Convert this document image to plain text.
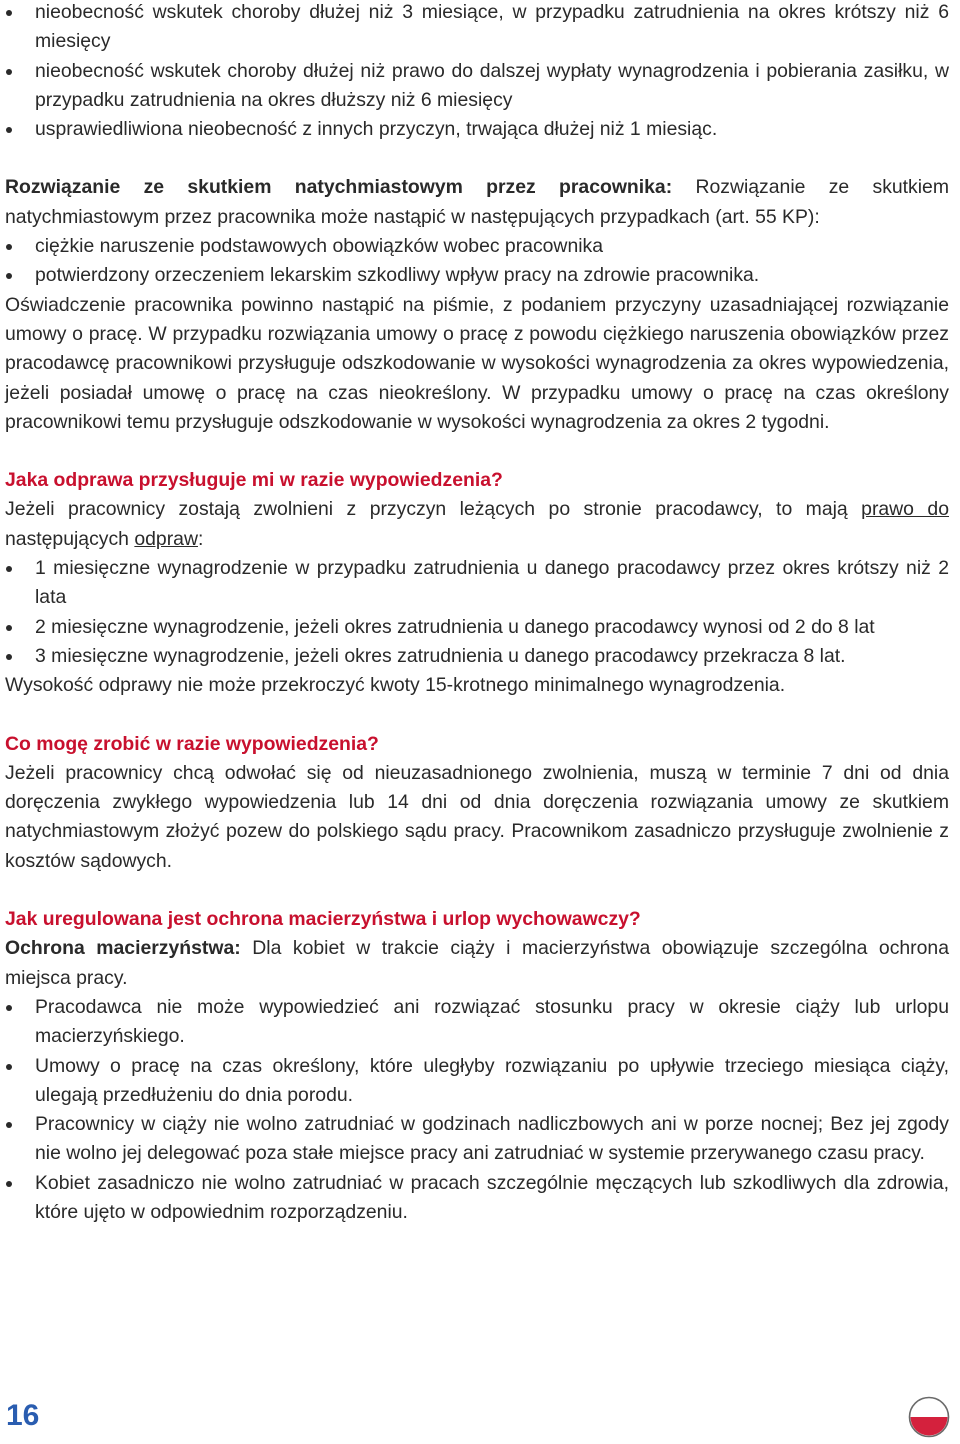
nieobecność wskutek choroby dłużej niż 3 miesiące, w przypadku zatrudnienia na okres krótszy niż 6 miesięcy
nieobecność wskutek choroby dłużej niż prawo do dalszej wypłaty wynagrodzenia i pobierania zasiłku, w przypadku zatrudnienia na okres dłuższy niż 6 miesięcy
usprawiedliwiona nieobecność z innych przyczyn, trwająca dłużej niż 1 miesiąc.

Rozwiązanie ze skutkiem natychmiastowym przez pracownika: Rozwiązanie ze skutkiem natychmiastowym przez pracownika może nastąpić w następujących przypadkach (art. 55 KP):

ciężkie naruszenie podstawowych obowiązków wobec pracownika
potwierdzony orzeczeniem lekarskim szkodliwy wpływ pracy na zdrowie pracownika.

Oświadczenie pracownika powinno nastąpić na piśmie, z podaniem przyczyny uzasadniającej rozwiązanie umowy o pracę. W przypadku rozwiązania umowy o pracę z powodu ciężkiego naruszenia obowiązków przez pracodawcę pracownikowi przysługuje odszkodowanie w wysokości wynagrodzenia za okres wypowiedzenia, jeżeli posiadał umowę o pracę na czas nieokreślony. W przypadku umowy o pracę na czas określony pracownikowi temu przysługuje odszkodowanie w wysokości wynagrodzenia za okres 2 tygodni.

Jaka odprawa przysługuje mi w razie wypowiedzenia?

Jeżeli pracownicy zostają zwolnieni z przyczyn leżących po stronie pracodawcy, to mają prawo do następujących odpraw:

1 miesięczne wynagrodzenie w przypadku zatrudnienia u danego pracodawcy przez okres krótszy niż 2 lata
2 miesięczne wynagrodzenie, jeżeli okres zatrudnienia u danego pracodawcy wynosi od 2 do 8 lat
3 miesięczne wynagrodzenie, jeżeli okres zatrudnienia u danego pracodawcy przekracza 8 lat.

Wysokość odprawy nie może przekroczyć kwoty 15-krotnego minimalnego wynagrodzenia.

Co mogę zrobić w razie wypowiedzenia?

Jeżeli pracownicy chcą odwołać się od nieuzasadnionego zwolnienia, muszą w terminie 7 dni od dnia doręczenia zwykłego wypowiedzenia lub 14 dni od dnia doręczenia rozwiązania umowy ze skutkiem natychmiastowym złożyć pozew do polskiego sądu pracy. Pracownikom zasadniczo przysługuje zwolnienie z kosztów sądowych.

Jak uregulowana jest ochrona macierzyństwa i urlop wychowawczy?

Ochrona macierzyństwa: Dla kobiet w trakcie ciąży i macierzyństwa obowiązuje szczególna ochrona miejsca pracy.

Pracodawca nie może wypowiedzieć ani rozwiązać stosunku pracy w okresie ciąży lub urlopu macierzyńskiego.
Umowy o pracę na czas określony, które uległyby rozwiązaniu po upływie trzeciego miesiąca ciąży, ulegają przedłużeniu do dnia porodu.
Pracownicy w ciąży nie wolno zatrudniać w godzinach nadliczbowych ani w porze nocnej; Bez jej zgody nie wolno jej delegować poza stałe miejsce pracy ani zatrudniać w systemie przerywanego czasu pracy.
Kobiet zasadniczo nie wolno zatrudniać w pracach szczególnie męczących lub szkodliwych dla zdrowia, które ujęto w odpowiednim rozporządzeniu.
16
